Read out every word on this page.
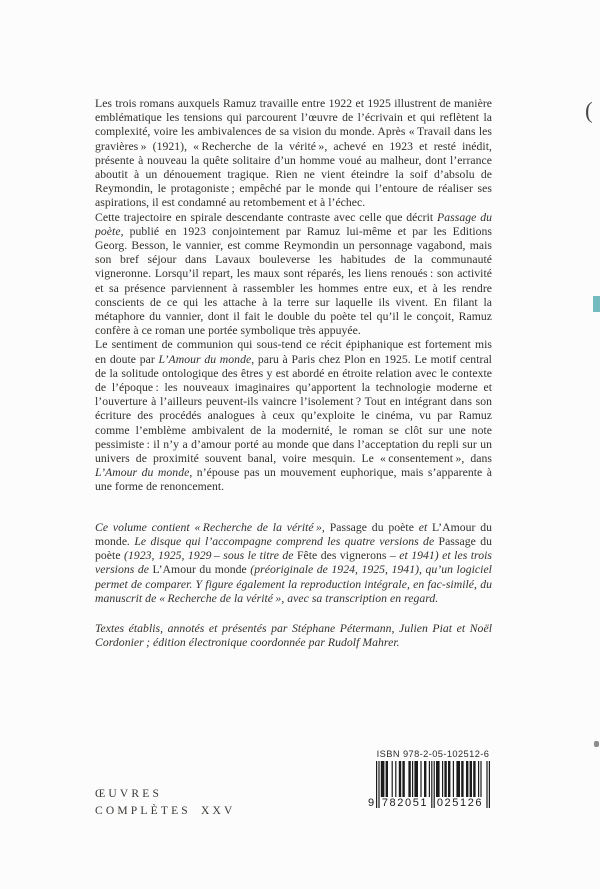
Les trois romans auxquels Ramuz travaille entre 1922 et 1925 illustrent de manière emblématique les tensions qui parcourent l’œuvre de l’écrivain et qui reflètent la complexité, voire les ambivalences de sa vision du monde. Après « Travail dans les gravières » (1921), « Recherche de la vérité », achevé en 1923 et resté inédit, présente à nouveau la quête solitaire d’un homme voué au malheur, dont l’errance aboutit à un dénouement tragique. Rien ne vient éteindre la soif d’absolu de Reymondin, le protagoniste ; empêché par le monde qui l’entoure de réaliser ses aspirations, il est condamné au retombement et à l’échec.

Cette trajectoire en spirale descendante contraste avec celle que décrit Passage du poète, publié en 1923 conjointement par Ramuz lui-même et par les Editions Georg. Besson, le vannier, est comme Reymondin un personnage vagabond, mais son bref séjour dans Lavaux bouleverse les habitudes de la communauté vigneronne. Lorsqu’il repart, les maux sont réparés, les liens renoués : son activité et sa présence parviennent à rassembler les hommes entre eux, et à les rendre conscients de ce qui les attache à la terre sur laquelle ils vivent. En filant la métaphore du vannier, dont il fait le double du poète tel qu’il le conçoit, Ramuz confère à ce roman une portée symbolique très appuyée.

Le sentiment de communion qui sous-tend ce récit épiphanique est fortement mis en doute par L’Amour du monde, paru à Paris chez Plon en 1925. Le motif central de la solitude ontologique des êtres y est abordé en étroite relation avec le contexte de l’époque : les nouveaux imaginaires qu’apportent la technologie moderne et l’ouverture à l’ailleurs peuvent-ils vaincre l’isolement ? Tout en intégrant dans son écriture des procédés analogues à ceux qu’exploite le cinéma, vu par Ramuz comme l’emblème ambivalent de la modernité, le roman se clôt sur une note pessimiste : il n’y a d’amour porté au monde que dans l’acceptation du repli sur un univers de proximité souvent banal, voire mesquin. Le « consentement », dans L’Amour du monde, n’épouse pas un mouvement euphorique, mais s’apparente à une forme de renoncement.

Ce volume contient « Recherche de la vérité », Passage du poète et L’Amour du monde. Le disque qui l’accompagne comprend les quatre versions de Passage du poète (1923, 1925, 1929 – sous le titre de Fête des vignerons – et 1941) et les trois versions de L’Amour du monde (préoriginale de 1924, 1925, 1941), qu’un logiciel permet de comparer. Y figure également la reproduction intégrale, en fac-similé, du manuscrit de « Recherche de la vérité », avec sa transcription en regard.

Textes établis, annotés et présentés par Stéphane Pétermann, Julien Piat et Noël Cordonier ; édition électronique coordonnée par Rudolf Mahrer.

ŒUVRES
COMPLÈTES XXV
ISBN 978-2-05-102512-6
9 782051 025126
(
